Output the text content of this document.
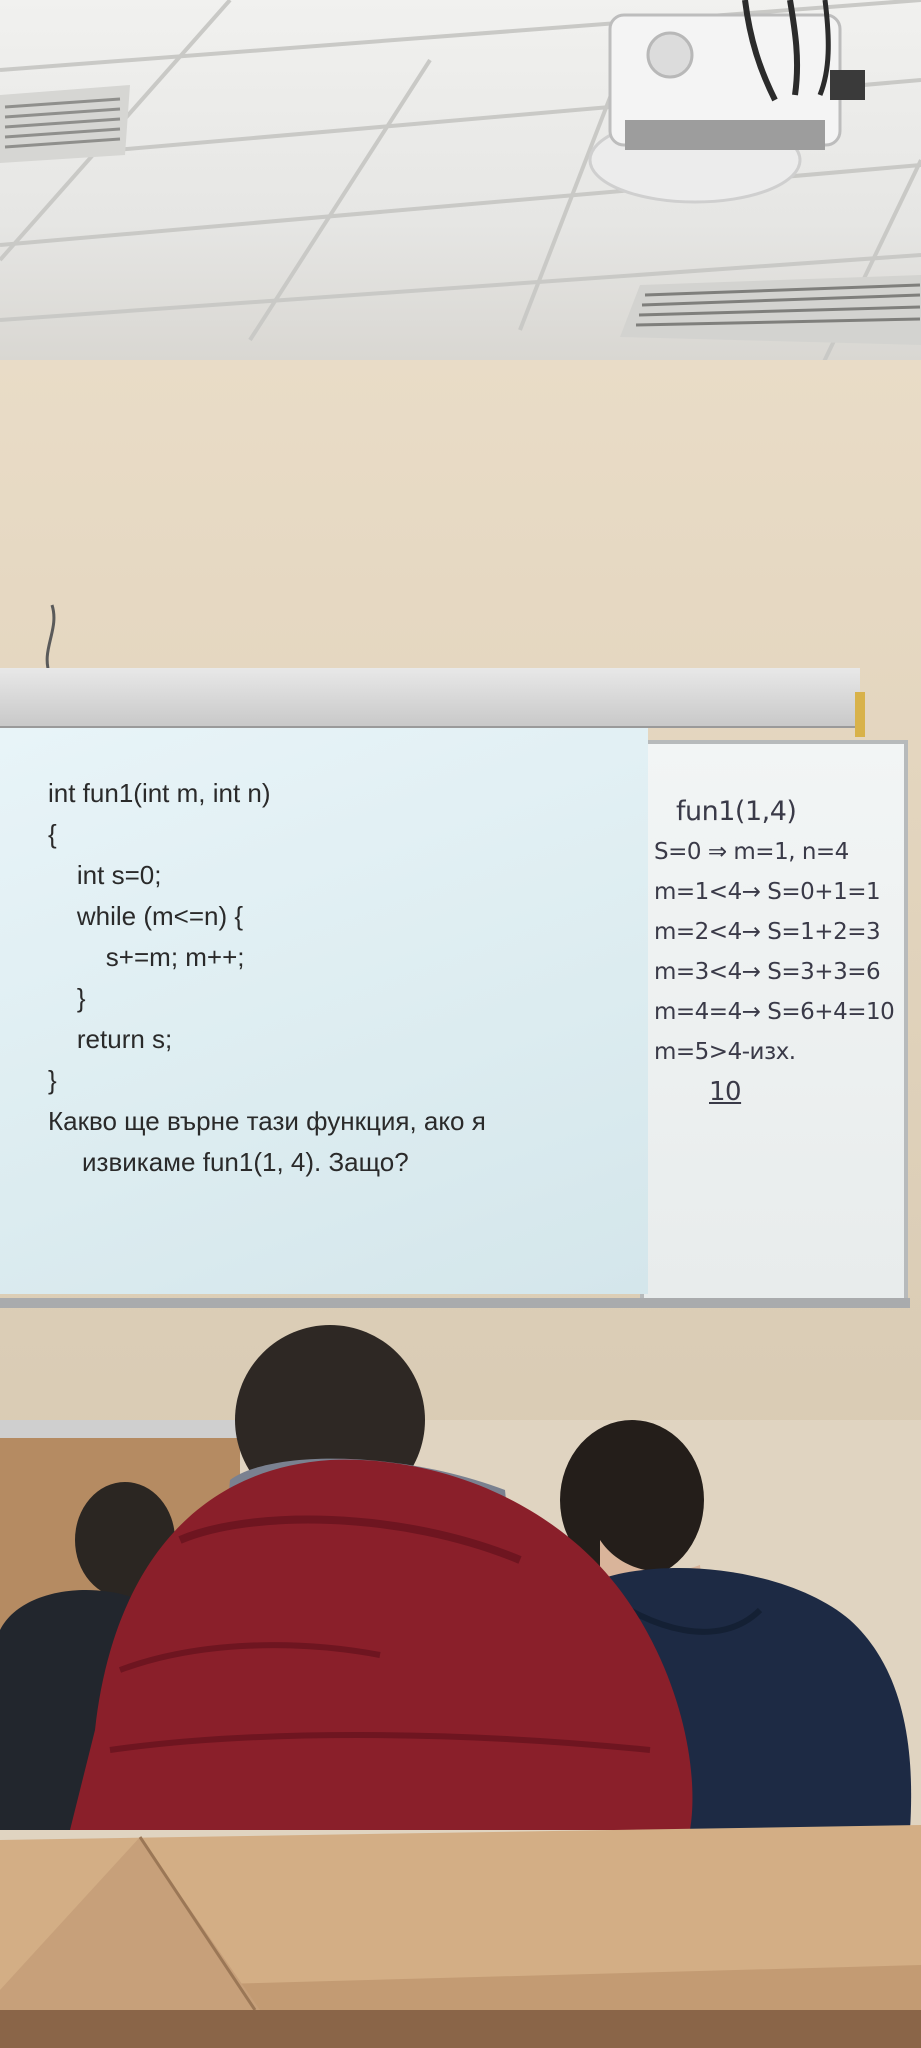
fun1(1,4)
S=0 ⇒ m=1, n=4
m=1<4→ S=0+1=1
m=2<4→ S=1+2=3
m=3<4→ S=3+3=6
m=4=4→ S=6+4=10
m=5>4-изх.
10
int fun1(int m, int n)
{
int s=0;
while (m<=n) {
s+=m; m++;
}
return s;
}
Какво ще върне тази функция, ако я
извикаме fun1(1, 4). Защо?
